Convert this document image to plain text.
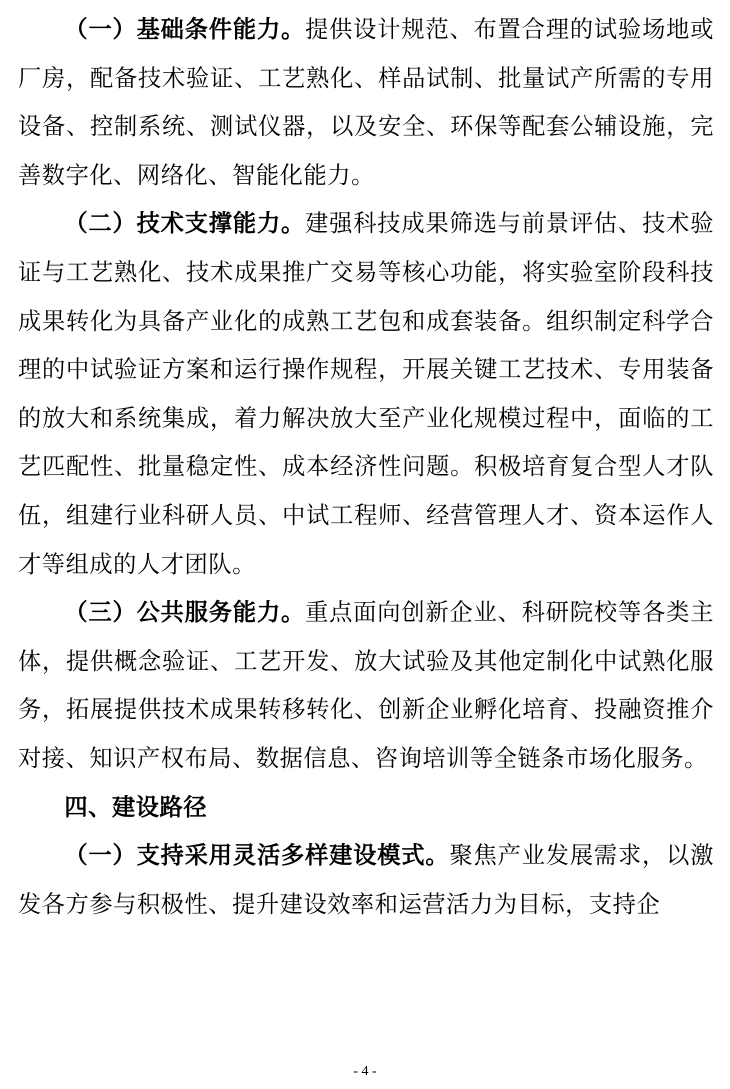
（一）基础条件能力。提供设计规范、布置合理的试验场地或厂房，配备技术验证、工艺熟化、样品试制、批量试产所需的专用设备、控制系统、测试仪器，以及安全、环保等配套公辅设施，完善数字化、网络化、智能化能力。

（二）技术支撑能力。建强科技成果筛选与前景评估、技术验证与工艺熟化、技术成果推广交易等核心功能，将实验室阶段科技成果转化为具备产业化的成熟工艺包和成套装备。组织制定科学合理的中试验证方案和运行操作规程，开展关键工艺技术、专用装备的放大和系统集成，着力解决放大至产业化规模过程中，面临的工艺匹配性、批量稳定性、成本经济性问题。积极培育复合型人才队伍，组建行业科研人员、中试工程师、经营管理人才、资本运作人才等组成的人才团队。

（三）公共服务能力。重点面向创新企业、科研院校等各类主体，提供概念验证、工艺开发、放大试验及其他定制化中试熟化服务，拓展提供技术成果转移转化、创新企业孵化培育、投融资推介对接、知识产权布局、数据信息、咨询培训等全链条市场化服务。

四、建设路径

（一）支持采用灵活多样建设模式。聚焦产业发展需求，以激发各方参与积极性、提升建设效率和运营活力为目标，支持企

- 4 -
